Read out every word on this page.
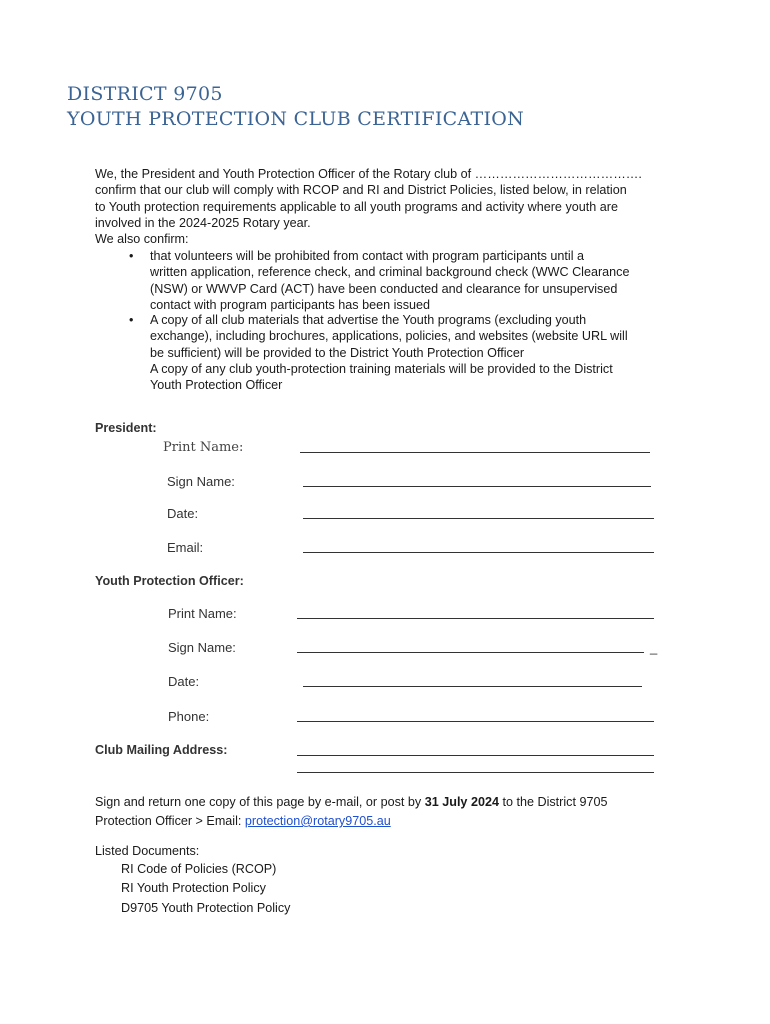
DISTRICT 9705
YOUTH PROTECTION CLUB CERTIFICATION
We, the President and Youth Protection Officer of the Rotary club of ………………………………….
confirm that our club will comply with RCOP and RI and District Policies, listed below, in relation
to Youth protection requirements applicable to all youth programs and activity where youth are
involved in the 2024-2025 Rotary year.
We also confirm:
• that volunteers will be prohibited from contact with program participants until a
written application, reference check, and criminal background check (WWC Clearance
(NSW) or WWVP Card (ACT) have been conducted and clearance for unsupervised
contact with program participants has been issued
• A copy of all club materials that advertise the Youth programs (excluding youth
exchange), including brochures, applications, policies, and websites (website URL will
be sufficient) will be provided to the District Youth Protection Officer
A copy of any club youth-protection training materials will be provided to the District
Youth Protection Officer
President:
Print Name:
Sign Name:
Date:
Email:
Youth Protection Officer:
Print Name:
Sign Name:	_
Date:
Phone:
Club Mailing Address:
Sign and return one copy of this page by e-mail, or post by 31 July 2024 to the District 9705
Protection Officer > Email: protection@rotary9705.au
Listed Documents:
RI Code of Policies (RCOP)
RI Youth Protection Policy
D9705 Youth Protection Policy
